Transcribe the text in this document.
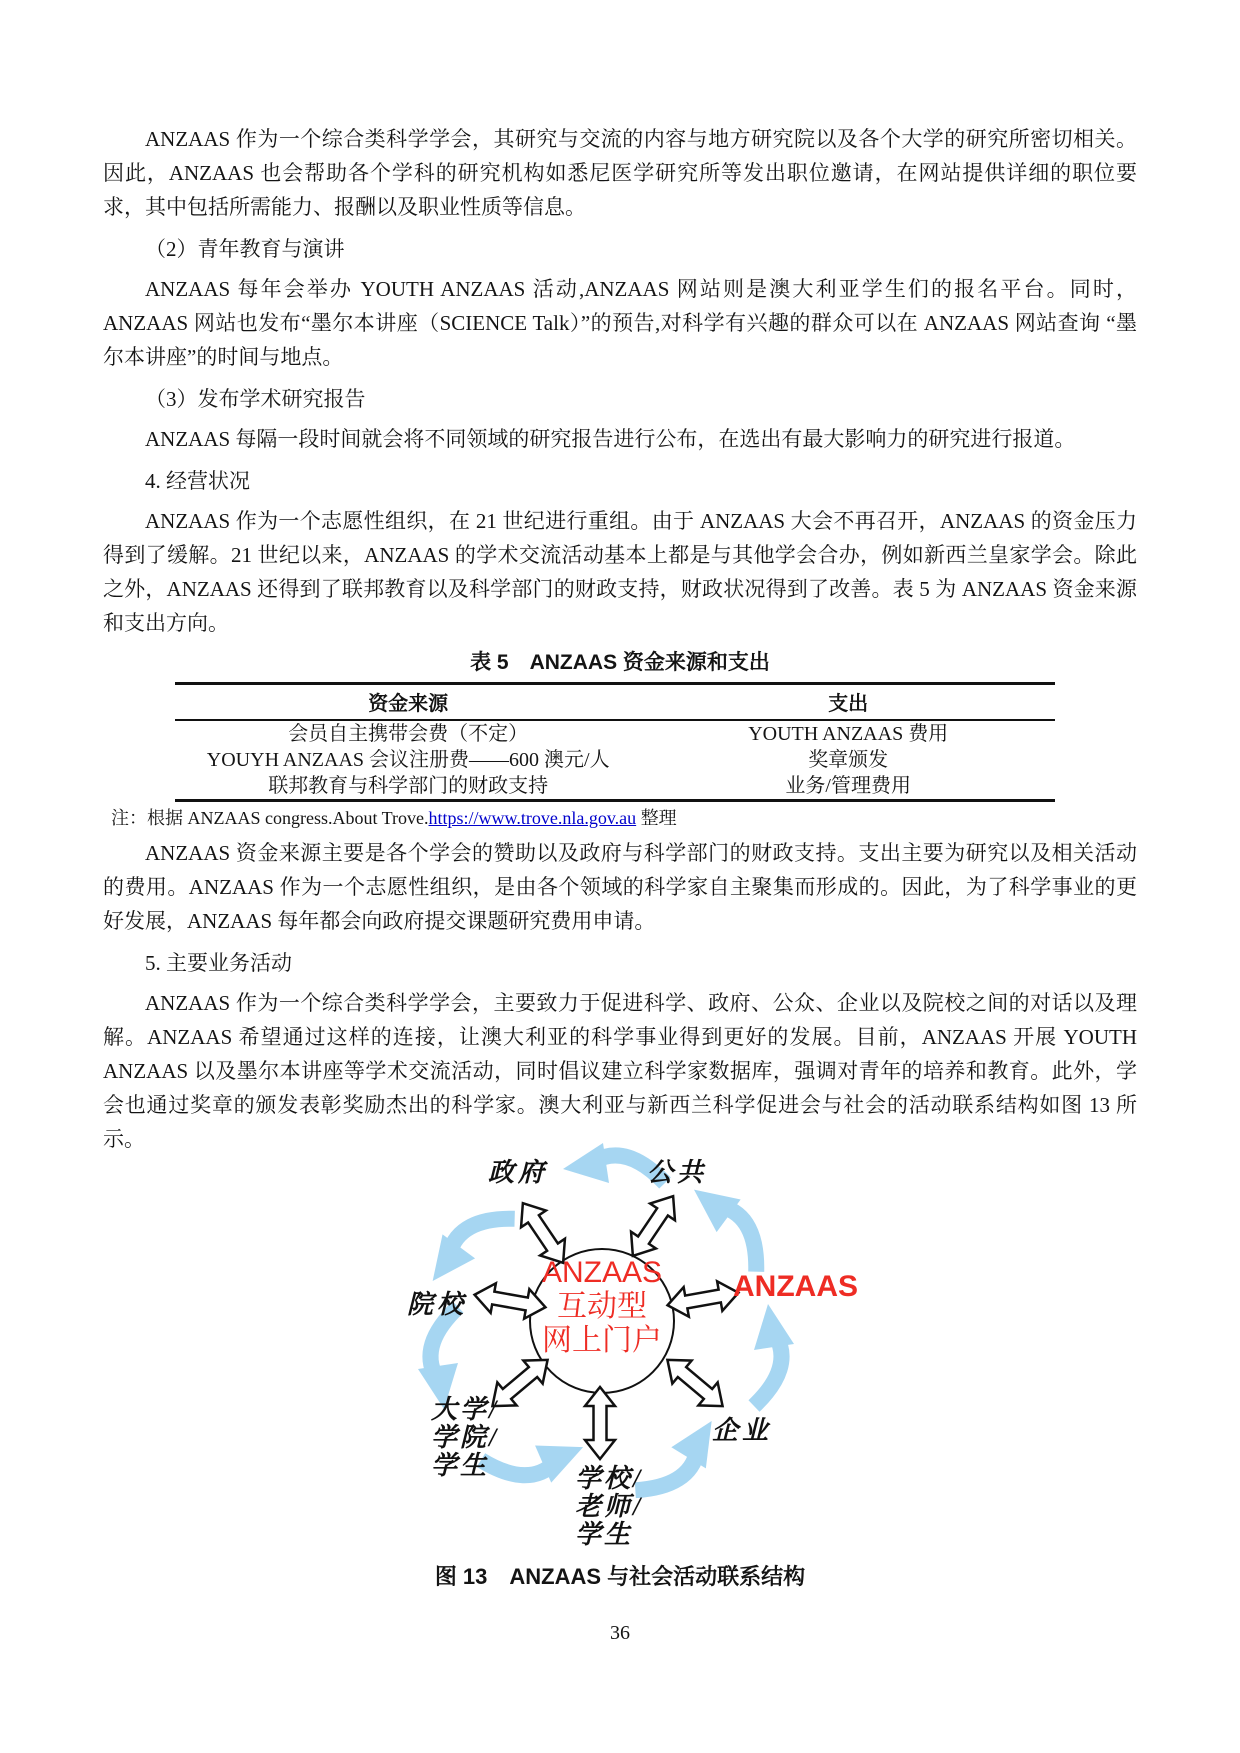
ANZAAS 作为一个综合类科学学会，其研究与交流的内容与地方研究院以及各个大学的研究所密切相关。因此，ANZAAS 也会帮助各个学科的研究机构如悉尼医学研究所等发出职位邀请，在网站提供详细的职位要求，其中包括所需能力、报酬以及职业性质等信息。

（2）青年教育与演讲

ANZAAS 每年会举办 YOUTH ANZAAS 活动,ANZAAS 网站则是澳大利亚学生们的报名平台。同时，ANZAAS 网站也发布“墨尔本讲座（SCIENCE Talk）”的预告,对科学有兴趣的群众可以在 ANZAAS 网站查询 “墨尔本讲座”的时间与地点。

（3）发布学术研究报告

ANZAAS 每隔一段时间就会将不同领域的研究报告进行公布，在选出有最大影响力的研究进行报道。

4. 经营状况

ANZAAS 作为一个志愿性组织，在 21 世纪进行重组。由于 ANZAAS 大会不再召开，ANZAAS 的资金压力得到了缓解。21 世纪以来，ANZAAS 的学术交流活动基本上都是与其他学会合办，例如新西兰皇家学会。除此之外，ANZAAS 还得到了联邦教育以及科学部门的财政支持，财政状况得到了改善。表 5 为 ANZAAS 资金来源和支出方向。

表 5　ANZAAS 资金来源和支出
资金来源	支出
会员自主携带会费（不定）	YOUTH ANZAAS 费用
YOUYH ANZAAS 会议注册费——600 澳元/人	奖章颁发
联邦教育与科学部门的财政支持	业务/管理费用
注：根据 ANZAAS congress.About Trove.https://www.trove.nla.gov.au 整理

ANZAAS 资金来源主要是各个学会的赞助以及政府与科学部门的财政支持。支出主要为研究以及相关活动的费用。ANZAAS 作为一个志愿性组织，是由各个领域的科学家自主聚集而形成的。因此，为了科学事业的更好发展，ANZAAS 每年都会向政府提交课题研究费用申请。

5. 主要业务活动

ANZAAS 作为一个综合类科学学会，主要致力于促进科学、政府、公众、企业以及院校之间的对话以及理解。ANZAAS 希望通过这样的连接，让澳大利亚的科学事业得到更好的发展。目前，ANZAAS 开展 YOUTH ANZAAS 以及墨尔本讲座等学术交流活动，同时倡议建立科学家数据库，强调对青年的培养和教育。此外，学会也通过奖章的颁发表彰奖励杰出的科学家。澳大利亚与新西兰科学促进会与社会的活动联系结构如图 13 所示。

ANZAAS
互动型
网上门户
政府	公共
院校
ANZAAS
企业
大学/
学院/
学生	学校/
老师/
学生
图 13　ANZAAS 与社会活动联系结构
36
